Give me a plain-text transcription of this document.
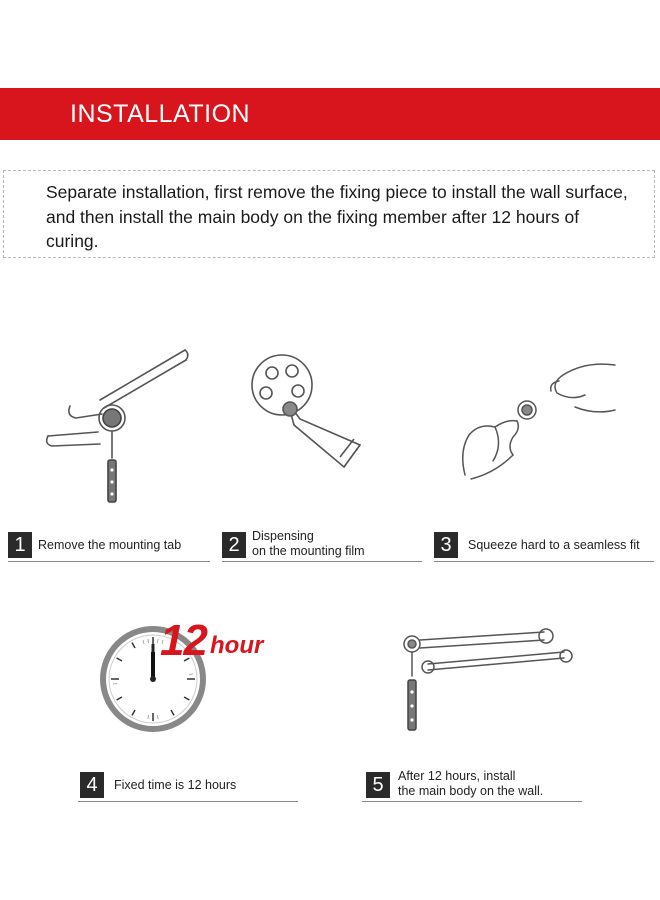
INSTALLATION
Separate installation, first remove the fixing piece to install the wall surface, and then install the main body on the fixing member after 12 hours of curing.
1 Remove the mounting tab	2 Dispensing
on the mounting film	3	Squeeze hard to a seamless fit
12 hour
4	Fixed time is 12 hours	5	After 12 hours, install
the main body on the wall.
